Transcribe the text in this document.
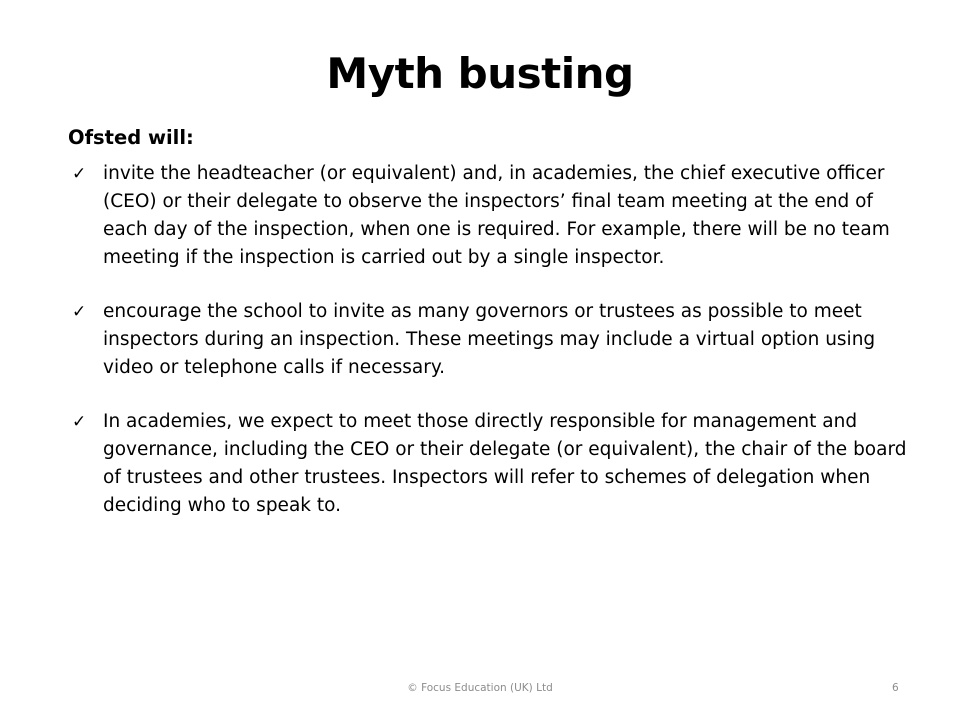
Myth busting
Ofsted will:
✓ invite the headteacher (or equivalent) and, in academies, the chief executive officer (CEO) or their delegate to observe the inspectors’ final team meeting at the end of each day of the inspection, when one is required. For example, there will be no team meeting if the inspection is carried out by a single inspector.
✓ encourage the school to invite as many governors or trustees as possible to meet inspectors during an inspection. These meetings may include a virtual option using video or telephone calls if necessary.
✓ In academies, we expect to meet those directly responsible for management and governance, including the CEO or their delegate (or equivalent), the chair of the board of trustees and other trustees. Inspectors will refer to schemes of delegation when deciding who to speak to.
© Focus Education (UK) Ltd	6
